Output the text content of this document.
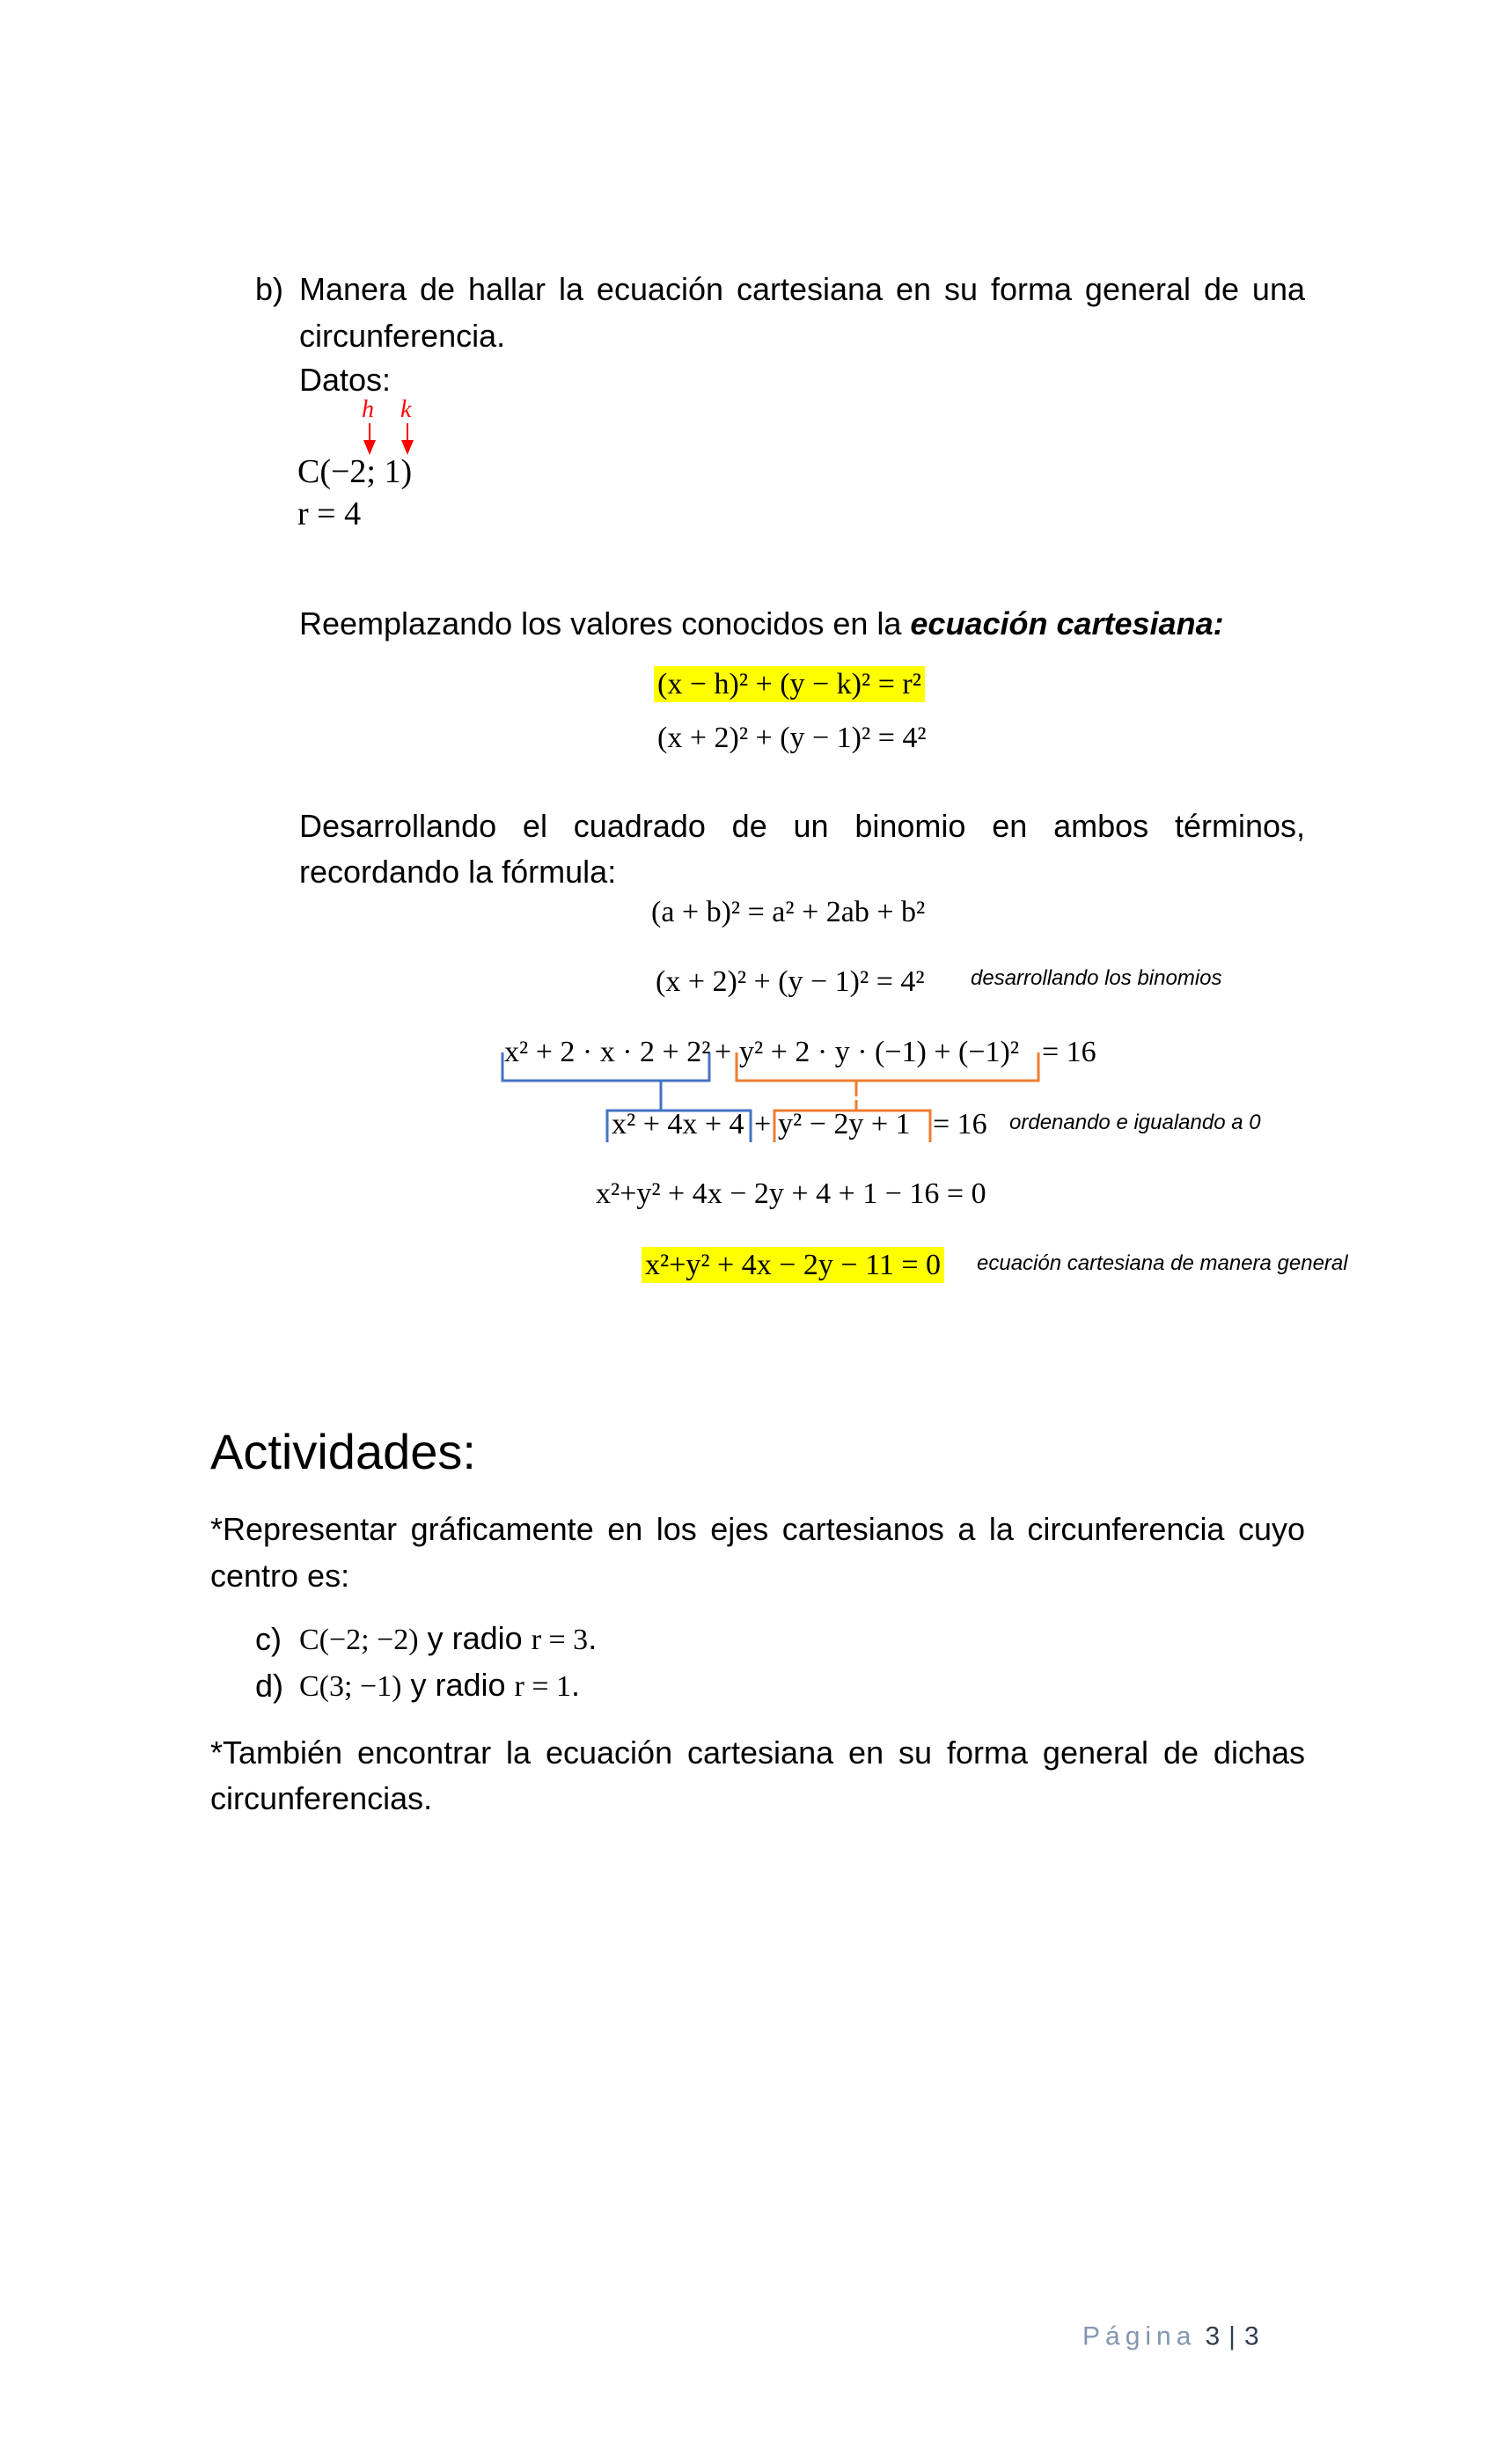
b) Manera de hallar la ecuación cartesiana en su forma general de una
circunferencia.
Datos:
h k
C(−2; 1)
r = 4
Reemplazando los valores conocidos en la ecuación cartesiana:
(x − h)² + (y − k)² = r²
(x + 2)² + (y − 1)² = 4²
Desarrollando el cuadrado de un binomio en ambos términos,
recordando la fórmula:
(a + b)² = a² + 2ab + b²
(x + 2)² + (y − 1)² = 4² desarrollando los binomios
x² + 2 · x · 2 + 2² + y² + 2 · y · (−1) + (−1)² = 16
x² + 4x + 4 + y² − 2y + 1 = 16 ordenando e igualando a 0
x²+y² + 4x − 2y + 4 + 1 − 16 = 0
x²+y² + 4x − 2y − 11 = 0 ecuación cartesiana de manera general
Actividades:
*Representar gráficamente en los ejes cartesianos a la circunferencia cuyo
centro es:
c) C(−2; −2) y radio r = 3.
d) C(3; −1) y radio r = 1.
*También encontrar la ecuación cartesiana en su forma general de dichas
circunferencias.
Página 3 | 3
